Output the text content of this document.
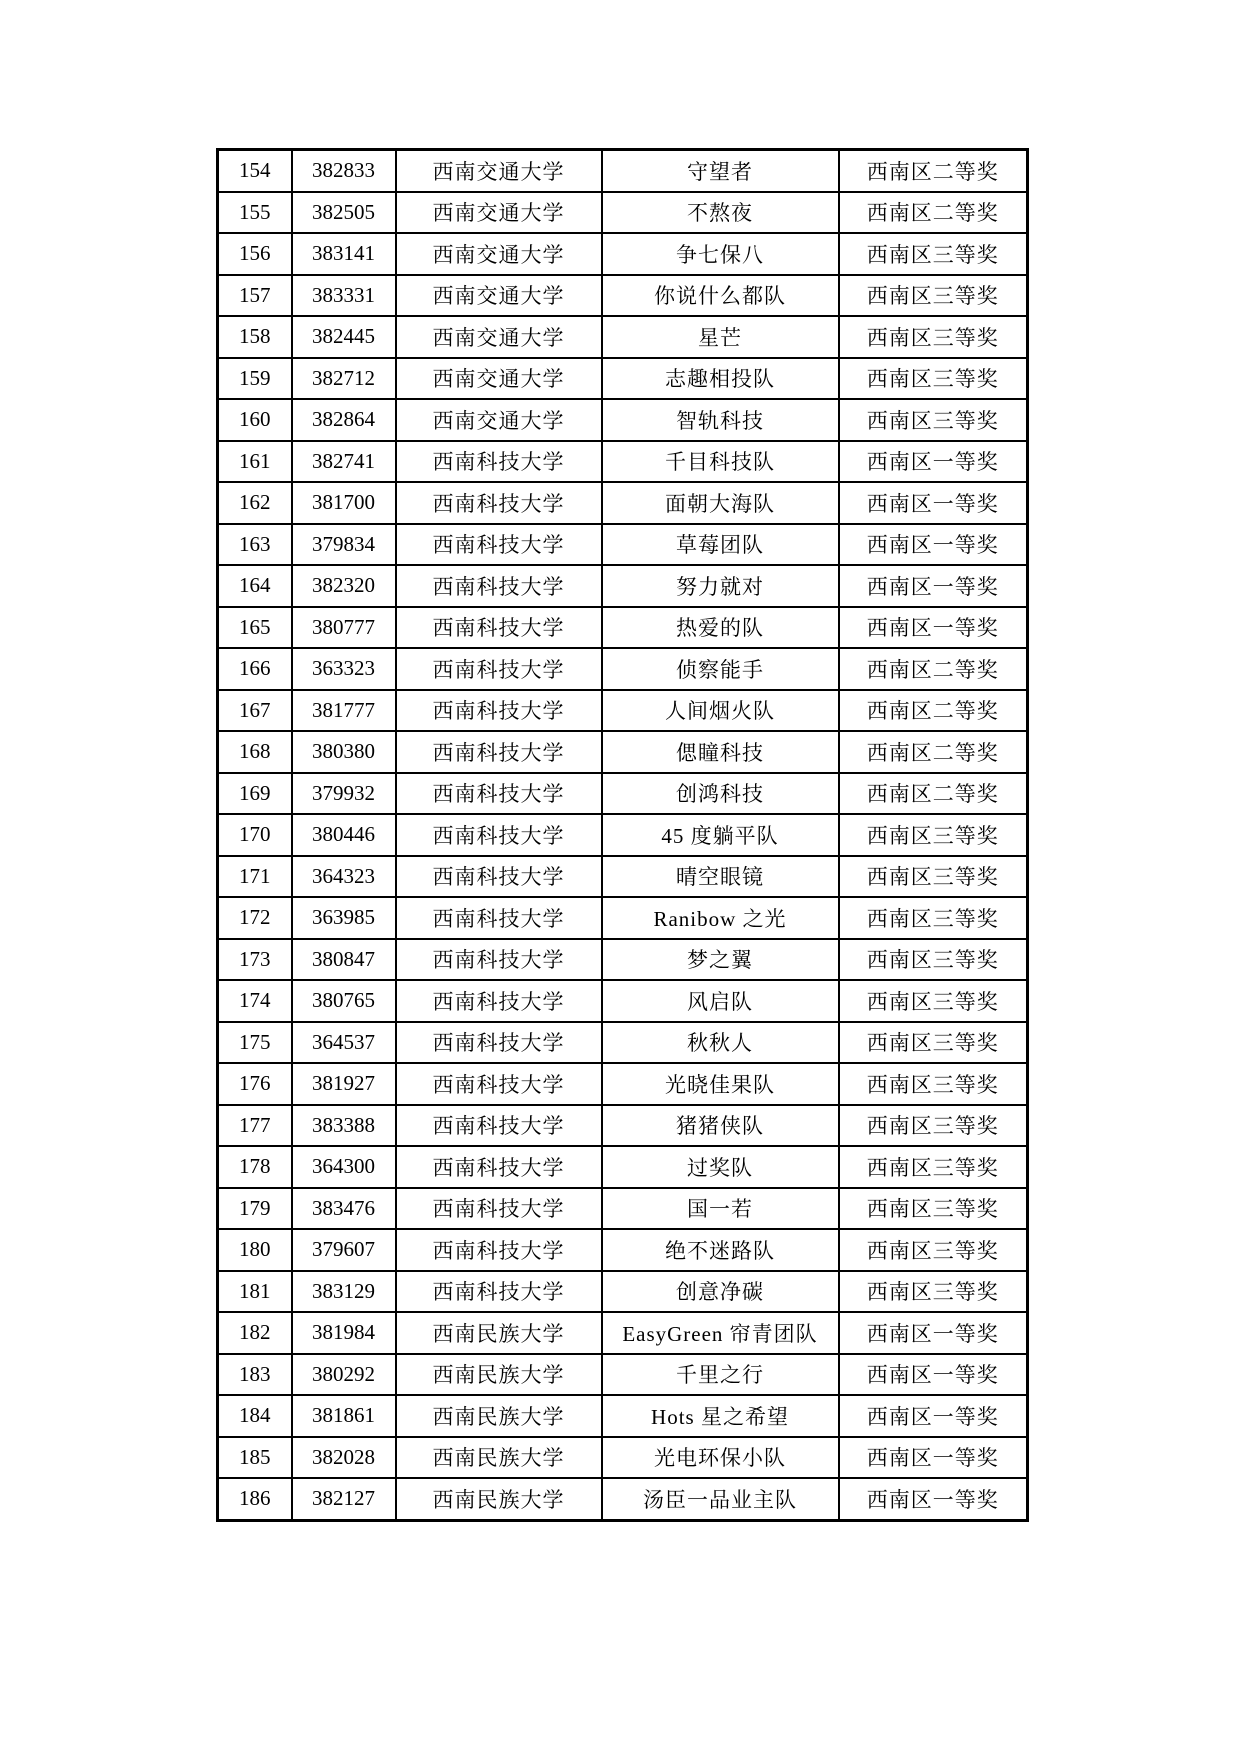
154	382833	西南交通大学	守望者	西南区二等奖
155	382505	西南交通大学	不熬夜	西南区二等奖
156	383141	西南交通大学	争七保八	西南区三等奖
157	383331	西南交通大学	你说什么都队	西南区三等奖
158	382445	西南交通大学	星芒	西南区三等奖
159	382712	西南交通大学	志趣相投队	西南区三等奖
160	382864	西南交通大学	智轨科技	西南区三等奖
161	382741	西南科技大学	千目科技队	西南区一等奖
162	381700	西南科技大学	面朝大海队	西南区一等奖
163	379834	西南科技大学	草莓团队	西南区一等奖
164	382320	西南科技大学	努力就对	西南区一等奖
165	380777	西南科技大学	热爱的队	西南区一等奖
166	363323	西南科技大学	侦察能手	西南区二等奖
167	381777	西南科技大学	人间烟火队	西南区二等奖
168	380380	西南科技大学	偲瞳科技	西南区二等奖
169	379932	西南科技大学	创鸿科技	西南区二等奖
170	380446	西南科技大学	45 度躺平队	西南区三等奖
171	364323	西南科技大学	晴空眼镜	西南区三等奖
172	363985	西南科技大学	Ranibow 之光	西南区三等奖
173	380847	西南科技大学	梦之翼	西南区三等奖
174	380765	西南科技大学	风启队	西南区三等奖
175	364537	西南科技大学	秋秋人	西南区三等奖
176	381927	西南科技大学	光晓佳果队	西南区三等奖
177	383388	西南科技大学	猪猪侠队	西南区三等奖
178	364300	西南科技大学	过奖队	西南区三等奖
179	383476	西南科技大学	国一若	西南区三等奖
180	379607	西南科技大学	绝不迷路队	西南区三等奖
181	383129	西南科技大学	创意净碳	西南区三等奖
182	381984	西南民族大学	EasyGreen 帘青团队	西南区一等奖
183	380292	西南民族大学	千里之行	西南区一等奖
184	381861	西南民族大学	Hots 星之希望	西南区一等奖
185	382028	西南民族大学	光电环保小队	西南区一等奖
186	382127	西南民族大学	汤臣一品业主队	西南区一等奖
